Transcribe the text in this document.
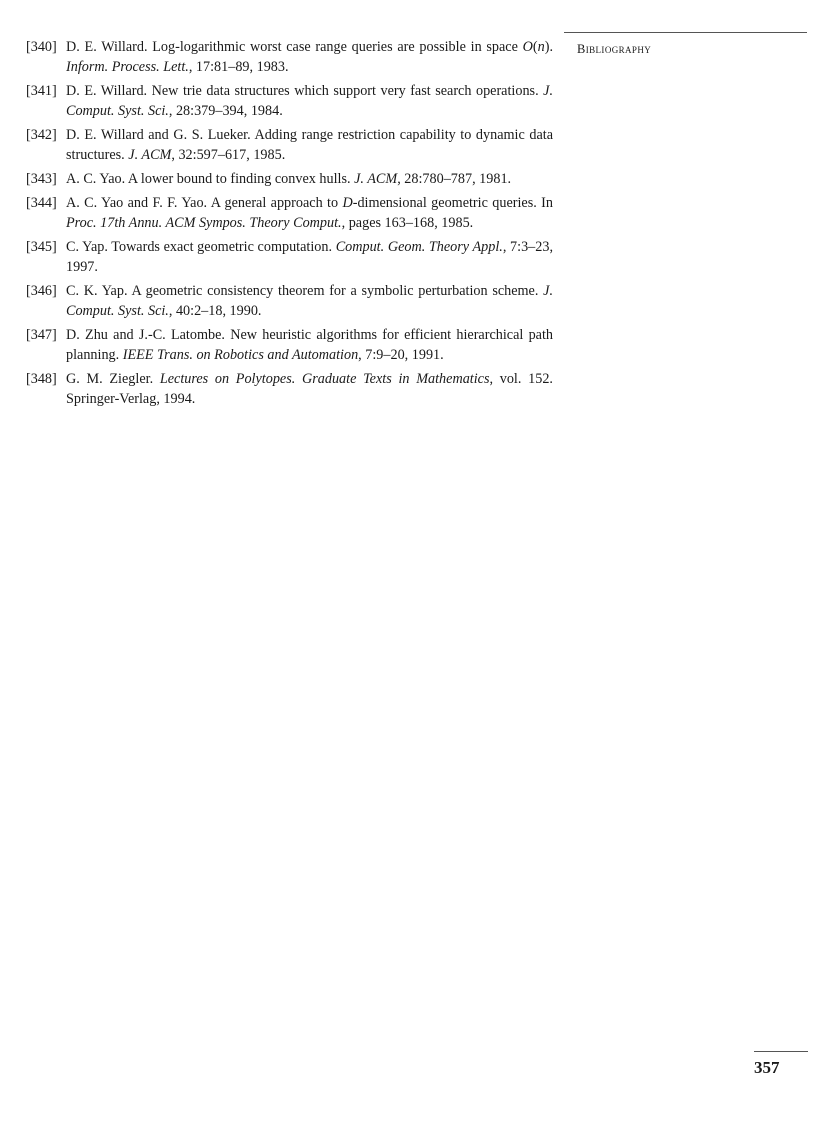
Bibliography
[340] D. E. Willard. Log-logarithmic worst case range queries are possible in space O(n). Inform. Process. Lett., 17:81–89, 1983.
[341] D. E. Willard. New trie data structures which support very fast search operations. J. Comput. Syst. Sci., 28:379–394, 1984.
[342] D. E. Willard and G. S. Lueker. Adding range restriction capability to dynamic data structures. J. ACM, 32:597–617, 1985.
[343] A. C. Yao. A lower bound to finding convex hulls. J. ACM, 28:780–787, 1981.
[344] A. C. Yao and F. F. Yao. A general approach to D-dimensional geometric queries. In Proc. 17th Annu. ACM Sympos. Theory Comput., pages 163–168, 1985.
[345] C. Yap. Towards exact geometric computation. Comput. Geom. Theory Appl., 7:3–23, 1997.
[346] C. K. Yap. A geometric consistency theorem for a symbolic perturbation scheme. J. Comput. Syst. Sci., 40:2–18, 1990.
[347] D. Zhu and J.-C. Latombe. New heuristic algorithms for efficient hierarchical path planning. IEEE Trans. on Robotics and Automation, 7:9–20, 1991.
[348] G. M. Ziegler. Lectures on Polytopes. Graduate Texts in Mathematics, vol. 152. Springer-Verlag, 1994.
357
